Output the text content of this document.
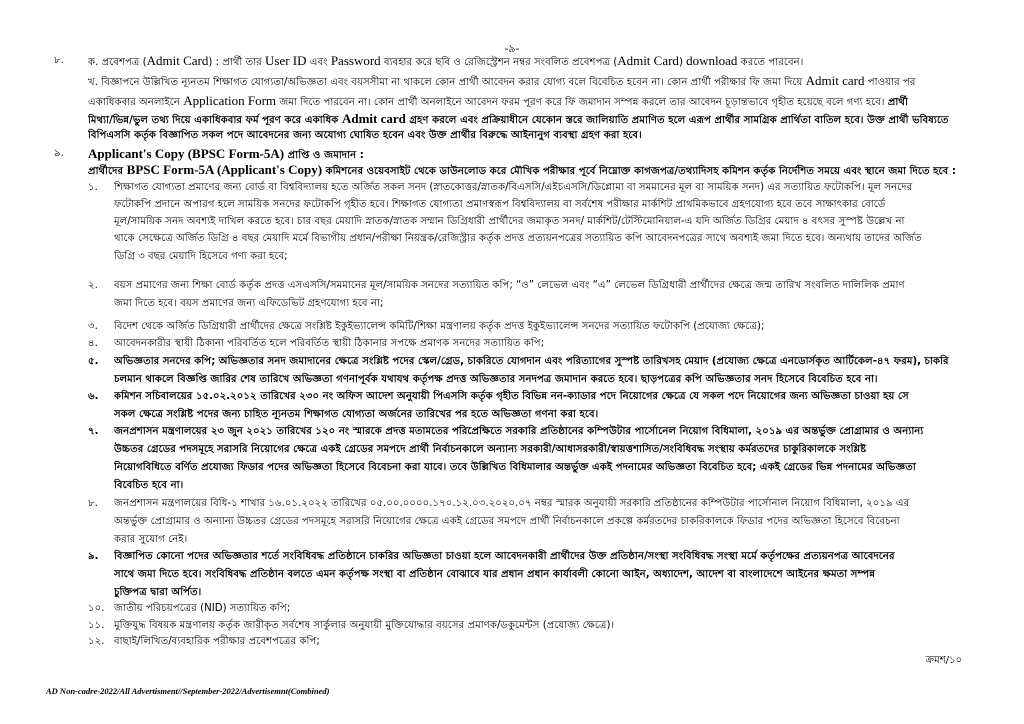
-৯-
৮. ক. প্রবেশপত্র (Admit Card) : প্রার্থী তার User ID এবং Password ব্যবহার করে ছবি ও রেজিস্ট্রেশন নম্বর সংবলিত প্রবেশপত্র (Admit Card) download করতে পারবেন।
খ. বিজ্ঞাপনে উল্লিখিত ন্যূনতম শিক্ষাগত যোগ্যতা/অভিজ্ঞতা এবং বয়সসীমা না থাকলে কোন প্রার্থী আবেদন করার যোগ্য বলে বিবেচিত হবেন না। কোন প্রার্থী পরীক্ষার ফি জমা দিয়ে Admit card পাওয়ার পর
একাধিকবার অনলাইনে Application Form জমা দিতে পারবেন না। কোন প্রার্থী অনলাইনে আবেদন ফরম পূরণ করে ফি জমাদান সম্পন্ন করলে তার আবেদন চূড়ান্তভাবে গৃহীত হয়েছে বলে গণ্য হবে। প্রার্থী
মিথ্যা/ভিন্ন/ভুল তথ্য দিয়ে একাধিকবার ফর্ম পূরণ করে একাধিক Admit card গ্রহণ করলে এবং প্রক্রিয়াধীনে যেকোন স্তরে জালিয়াতি প্রমাণিত হলে এরূপ প্রার্থীর সামগ্রিক প্রার্থিতা বাতিল হবে। উক্ত প্রার্থী ভবিষ্যতে
বিপিএসসি কর্তৃক বিজ্ঞাপিত সকল পদে আবেদনের জন্য অযোগ্য ঘোষিত হবেন এবং উক্ত প্রার্থীর বিরুদ্ধে আইনানুগ ব্যবস্থা গ্রহণ করা হবে।
৯. Applicant's Copy (BPSC Form-5A) প্রাপ্তি ও জমাদান :
প্রার্থীদের BPSC Form-5A (Applicant's Copy) কমিশনের ওয়েবসাইট থেকে ডাউনলোড করে মৌখিক পরীক্ষার পূর্বে নিম্নোক্ত কাগজপত্র/তথ্যাদিসহ কমিশন কর্তৃক নির্দেশিত সময়ে এবং স্থানে জমা দিতে হবে :
১. শিক্ষাগত যোগ্যতা প্রমাণের জন্য বোর্ড বা বিশ্ববিদ্যালয় হতে অর্জিত সকল সনদ (স্নাতকোত্তর/স্নাতক/বিএসসি/এইচএসসি/ডিপ্লোমা বা সমমানের মূল বা সাময়িক সনদ) এর সত্যায়িত ফটোকপি। মূল সনদের
ফটোকপি প্রদানে অপারগ হলে সাময়িক সনদের ফটোকপি গৃহীত হবে। শিক্ষাগত যোগ্যতা প্রমাণস্বরূপ বিশ্ববিদ্যালয় বা সর্বশেষ পরীক্ষার মার্কশিট প্রাথমিকভাবে গ্রহণযোগ্য হবে তবে সাক্ষাৎকার বোর্ডে
মূল/সাময়িক সনদ অবশ্যই দাখিল করতে হবে। চার বছর মেয়াদি স্নাতক/স্নাতক সম্মান ডিগ্রিধারী প্রার্থীদের জমাকৃত সনদ/ মার্কশিট/টেস্টিমোনিয়াল-এ যদি অর্জিত ডিগ্রির মেয়াদ ৪ বৎসর সুস্পষ্ট উল্লেখ না
থাকে সেক্ষেত্রে অর্জিত ডিগ্রি ৪ বছর মেয়াদি মর্মে বিভাগীয় প্রধান/পরীক্ষা নিয়ন্ত্রক/রেজিস্ট্রার কর্তৃক প্রদত্ত প্রত্যয়নপত্রের সত্যায়িত কপি আবেদনপত্রের সাথে অবশ্যই জমা দিতে হবে। অন্যথায় তাদের অর্জিত
ডিগ্রি ৩ বছর মেয়াদি হিসেবে গণ্য করা হবে;
২. বয়স প্রমাণের জন্য শিক্ষা বোর্ড কর্তৃক প্রদত্ত এসএসসি/সমমানের মূল/সাময়িক সনদের সত্যায়িত কপি; “ও” লেভেল এবং “এ” লেভেল ডিগ্রিধারী প্রার্থীদের ক্ষেত্রে জন্ম তারিখ সংবলিত দালিলিক প্রমাণ
জমা দিতে হবে। বয়স প্রমাণের জন্য এফিডেভিট গ্রহণযোগ্য হবে না;
৩. বিদেশ থেকে অর্জিত ডিগ্রিধারী প্রার্থীদের ক্ষেত্রে সংশ্লিষ্ট ইকুইভ্যালেন্স কমিটি/শিক্ষা মন্ত্রণালয় কর্তৃক প্রদত্ত ইকুইভ্যালেন্স সনদের সত্যায়িত ফটোকপি (প্রযোজ্য ক্ষেত্রে);
৪. আবেদনকারীর স্থায়ী ঠিকানা পরিবর্তিত হলে পরিবর্তিত স্থায়ী ঠিকানার সপক্ষে প্রমাণক সনদের সত্যায়িত কপি;
৫. অভিজ্ঞতার সনদের কপি; অভিজ্ঞতার সনদ জমাদানের ক্ষেত্রে সংশ্লিষ্ট পদের স্কেল/গ্রেড, চাকরিতে যোগদান এবং পরিত্যাগের সুস্পষ্ট তারিখসহ মেয়াদ (প্রযোজ্য ক্ষেত্রে এনডোর্সকৃত আর্টিকেল-৪৭ ফরম), চাকরি
চলমান থাকলে বিজ্ঞপ্তি জারির শেষ তারিখে অভিজ্ঞতা গণনাপূর্বক যথাযথ কর্তৃপক্ষ প্রদত্ত অভিজ্ঞতার সনদপত্র জমাদান করতে হবে। ছাড়পত্রের কপি অভিজ্ঞতার সনদ হিসেবে বিবেচিত হবে না।
৬. কমিশন সচিবালয়ের ১৫.০২.২০১২ তারিখের ২৩০ নং অফিস আদেশ অনুযায়ী পিএসসি কর্তৃক গৃহীত বিভিন্ন নন-ক্যাডার পদে নিয়োগের ক্ষেত্রে যে সকল পদে নিয়োগের জন্য অভিজ্ঞতা চাওয়া হয় সে
সকল ক্ষেত্রে সংশ্লিষ্ট পদের জন্য চাহিত ন্যূনতম শিক্ষাগত যোগ্যতা অর্জনের তারিখের পর হতে অভিজ্ঞতা গণনা করা হবে।
৭. জনপ্রশাসন মন্ত্রণালয়ের ২৩ জুন ২০২১ তারিখের ১২০ নং স্মারকে প্রদত্ত মতামতের পরিপ্রেক্ষিতে সরকারি প্রতিষ্ঠানের কম্পিউটার পার্সোনেল নিয়োগ বিধিমালা, ২০১৯ এর অন্তর্ভুক্ত প্রোগ্রামার ও অন্যান্য
উচ্চতর গ্রেডের পদসমূহে সরাসরি নিয়োগের ক্ষেত্রে একই গ্রেডের সমপদে প্রার্থী নির্বাচনকালে অন্যান্য সরকারী/আধাসরকারী/স্বায়ত্তশাসিত/সংবিধিবদ্ধ সংস্থায় কর্মরতদের চাকুরিকালকে সংশ্লিষ্ট
নিয়োগবিধিতে বর্ণিত প্রযোজ্য ফিডার পদের অভিজ্ঞতা হিসেবে বিবেচনা করা যাবে। তবে উল্লিখিত বিধিমালার অন্তর্ভুক্ত একই পদনামের অভিজ্ঞতা বিবেচিত হবে; একই গ্রেডের ভিন্ন পদনামের অভিজ্ঞতা
বিবেচিত হবে না।
৮. জনপ্রশাসন মন্ত্রণালয়ের বিধি-১ শাখার ১৬.০১.২০২২ তারিখের ০৫.০০.০০০০.১৭০.১২.০৩.২০২০.০৭ নম্বর স্মারক অনুযায়ী সরকারি প্রতিষ্ঠানের কম্পিউটার পার্সোনাল নিয়োগ বিধিমালা, ২০১৯ এর
অন্তর্ভুক্ত প্রোগ্রামার ও অন্যান্য উচ্চতর গ্রেডের পদসমূহে সরাসরি নিয়োগের ক্ষেত্রে একই গ্রেডের সমপদে প্রার্থী নির্বাচনকালে প্রকল্পে কর্মরতদের চাকরিকালকে ফিডার পদের অভিজ্ঞতা হিসেবে বিবেচনা
করার সুযোগ নেই।
৯. বিজ্ঞাপিত কোনো পদের অভিজ্ঞতার শর্তে সংবিধিবদ্ধ প্রতিষ্ঠানে চাকরির অভিজ্ঞতা চাওয়া হলে আবেদনকারী প্রার্থীদের উক্ত প্রতিষ্ঠান/সংস্থা সংবিধিবদ্ধ সংস্থা মর্মে কর্তৃপক্ষের প্রত্যয়নপত্র আবেদনের
সাথে জমা দিতে হবে। সংবিধিবদ্ধ প্রতিষ্ঠান বলতে এমন কর্তৃপক্ষ সংস্থা বা প্রতিষ্ঠান বোঝাবে যার প্রধান প্রধান কার্যাবলী কোনো আইন, অধ্যাদেশ, আদেশ বা বাংলাদেশে আইনের ক্ষমতা সম্পন্ন
চুক্তিপত্র দ্বারা অর্পিত।
১০. জাতীয় পরিচয়পত্রের (NID) সত্যায়িত কপি;
১১. মুক্তিযুদ্ধ বিষয়ক মন্ত্রণালয় কর্তৃক জারীকৃত সর্বশেষ সার্কুলার অনুযায়ী মুক্তিযোদ্ধার বয়সের প্রমাণক/ডকুমেন্টস (প্রযোজ্য ক্ষেত্রে)।
১২. বাছাই/লিখিত/ব্যবহারিক পরীক্ষার প্রবেশপত্রের কপি;
ক্রমশ/১০
AD Non-cadre-2022/All Advertisment//September-2022/Advertisemnt(Combined)
